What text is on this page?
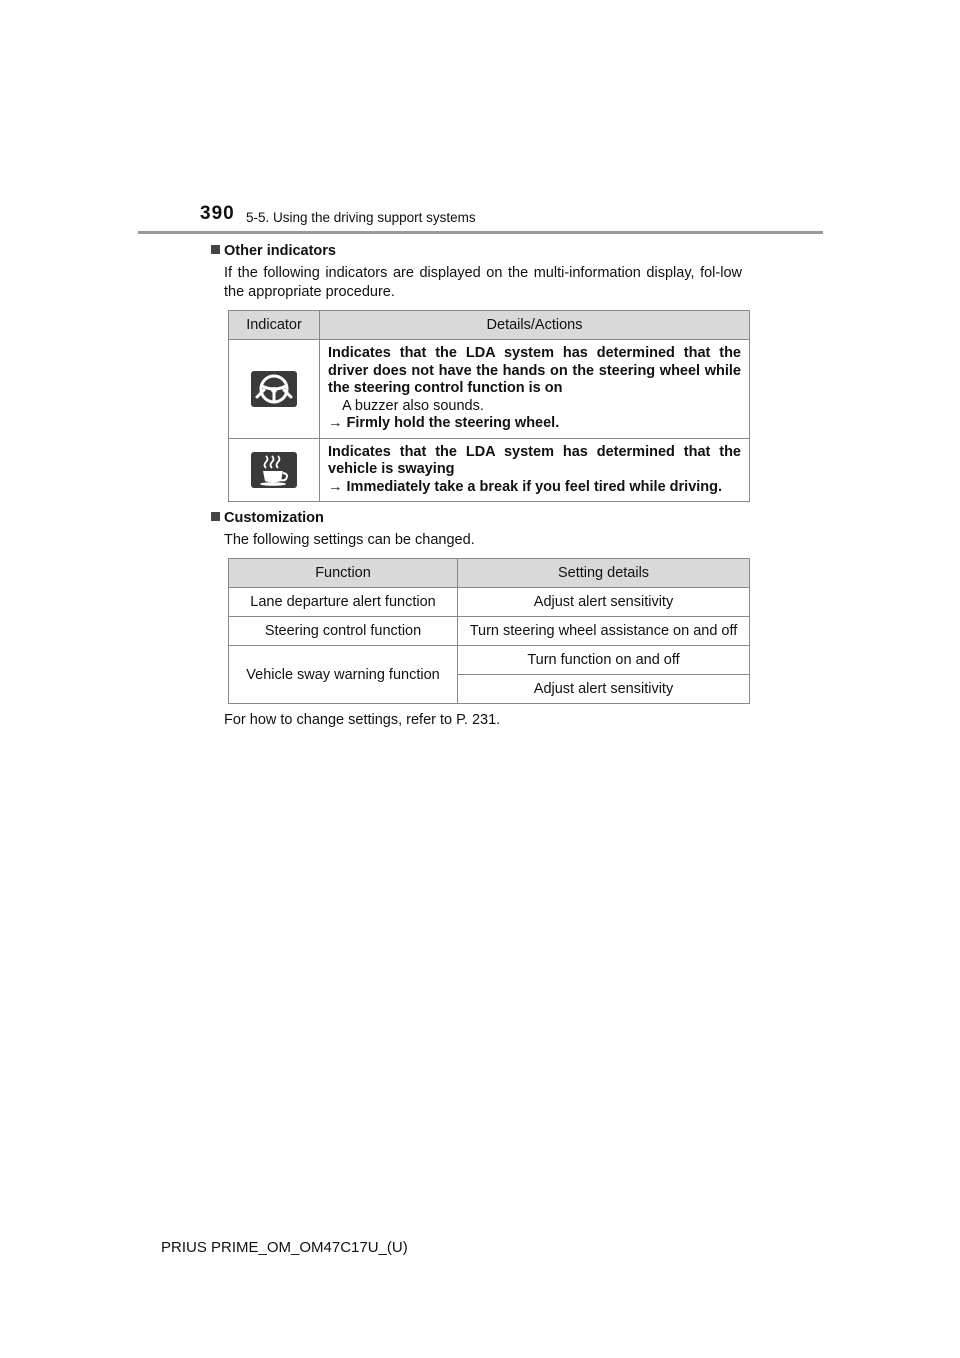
390 5-5. Using the driving support systems
Other indicators
If the following indicators are displayed on the multi-information display, fol-low the appropriate procedure.
Indicator	Details/Actions

Indicates that the LDA system has determined that the driver does not have the hands on the steering wheel while the steering control function is on
A buzzer also sounds.
→ Firmly hold the steering wheel.

Indicates that the LDA system has determined that the vehicle is swaying
→ Immediately take a break if you feel tired while driving.
Customization
The following settings can be changed.
Function	Setting details
Lane departure alert function	Adjust alert sensitivity
Steering control function	Turn steering wheel assistance on and off
Vehicle sway warning function	Turn function on and off
	Adjust alert sensitivity
For how to change settings, refer to P. 231.
PRIUS PRIME_OM_OM47C17U_(U)
